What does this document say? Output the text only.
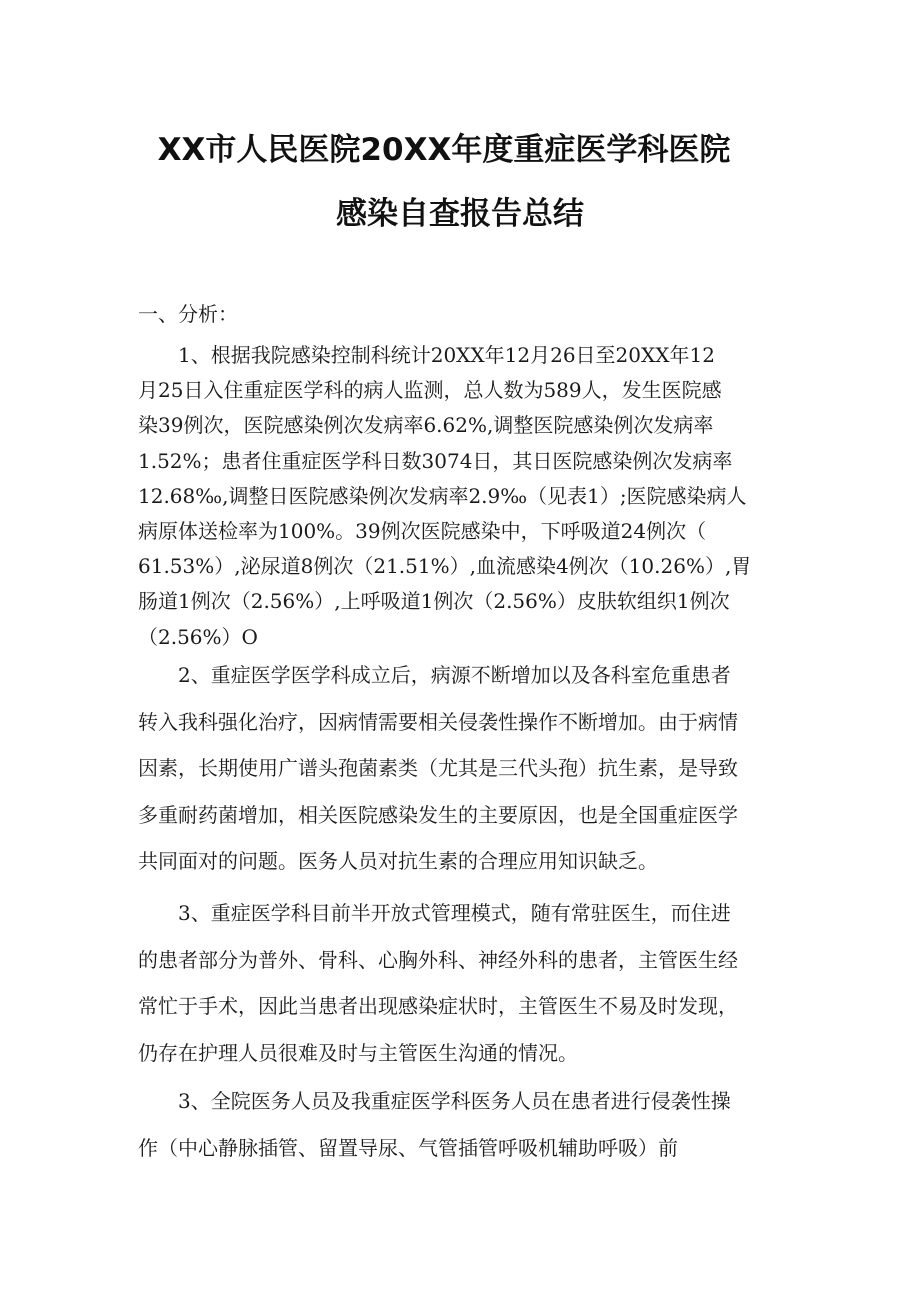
XX市人民医院20XX年度重症医学科医院
感染自查报告总结
一、分析：
1、根据我院感染控制科统计20XX年12月26日至20XX年12
月25日入住重症医学科的病人监测，总人数为589人，发生医院感
染39例次，医院感染例次发病率6.62%,调整医院感染例次发病率
1.52%；患者住重症医学科日数3074日，其日医院感染例次发病率
12.68‰,调整日医院感染例次发病率2.9‰（见表1）;医院感染病人
病原体送检率为100%。39例次医院感染中，下呼吸道24例次（
61.53%）,泌尿道8例次（21.51%）,血流感染4例次（10.26%）,胃
肠道1例次（2.56%）,上呼吸道1例次（2.56%）皮肤软组织1例次
（2.56%）O
2、重症医学医学科成立后，病源不断增加以及各科室危重患者
转入我科强化治疗，因病情需要相关侵袭性操作不断增加。由于病情
因素，长期使用广谱头孢菌素类（尤其是三代头孢）抗生素，是导致
多重耐药菌增加，相关医院感染发生的主要原因，也是全国重症医学
共同面对的问题。医务人员对抗生素的合理应用知识缺乏。
3、重症医学科目前半开放式管理模式，随有常驻医生，而住进
的患者部分为普外、骨科、心胸外科、神经外科的患者，主管医生经
常忙于手术，因此当患者出现感染症状时，主管医生不易及时发现，
仍存在护理人员很难及时与主管医生沟通的情况。
3、全院医务人员及我重症医学科医务人员在患者进行侵袭性操
作（中心静脉插管、留置导尿、气管插管呼吸机辅助呼吸）前
